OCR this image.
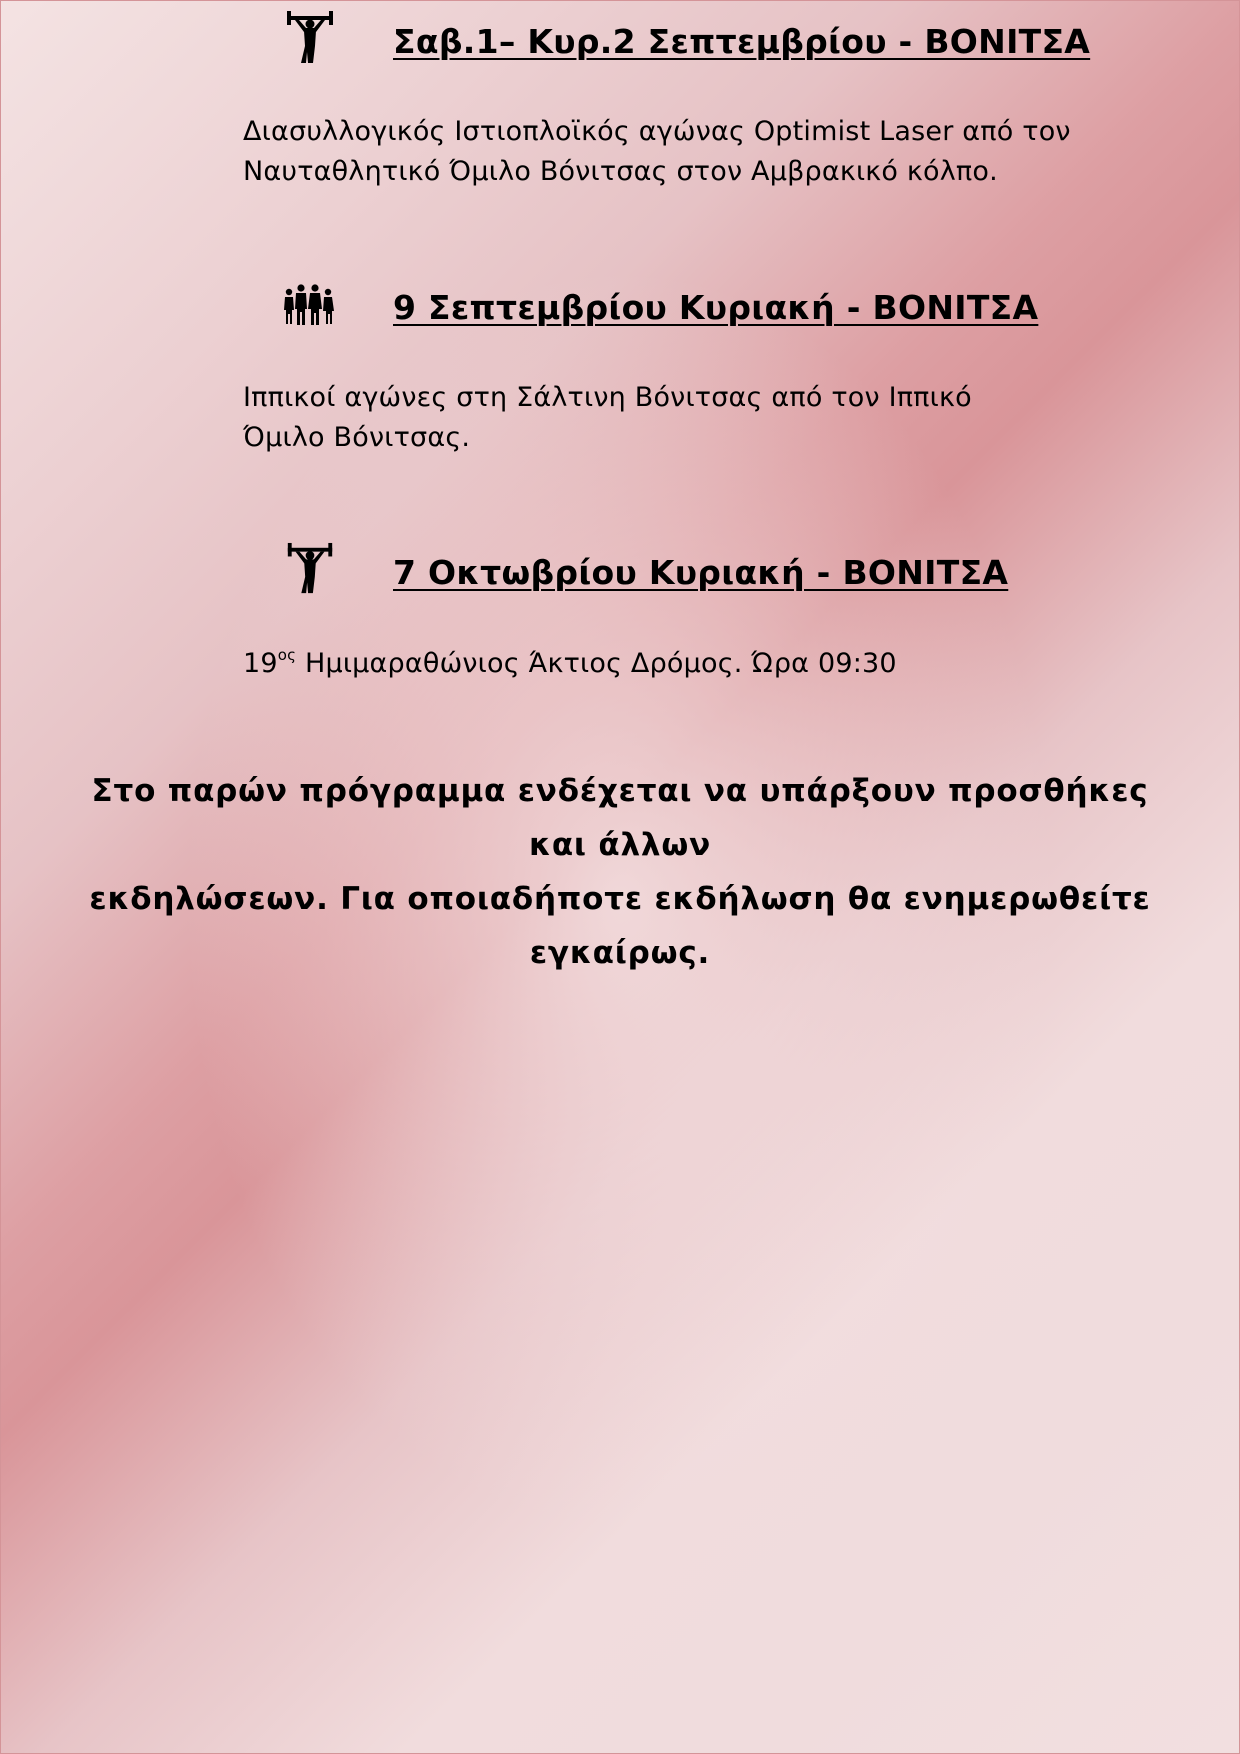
Σαβ.1– Κυρ.2 Σεπτεμβρίου - ΒΟΝΙΤΣΑ

Διασυλλογικός Ιστιοπλοϊκός αγώνας Optimist Laser από τον

Ναυταθλητικό Όμιλο Βόνιτσας στον Αμβρακικό κόλπο.

9 Σεπτεμβρίου Κυριακή - ΒΟΝΙΤΣΑ

Ιππικοί αγώνες στη Σάλτινη Βόνιτσας από τον Ιππικό

Όμιλο Βόνιτσας.

7 Οκτωβρίου Κυριακή - ΒΟΝΙΤΣΑ

$19^{o\varsigma}$ Ημιμαραθώνιος Άκτιος Δρόμος. Ώρα 09:30

Στο παρών πρόγραμμα ενδέχεται να υπάρξουν προσθήκες και άλλων

εκδηλώσεων. Για οποιαδήποτε εκδήλωση θα ενημερωθείτε εγκαίρως.
